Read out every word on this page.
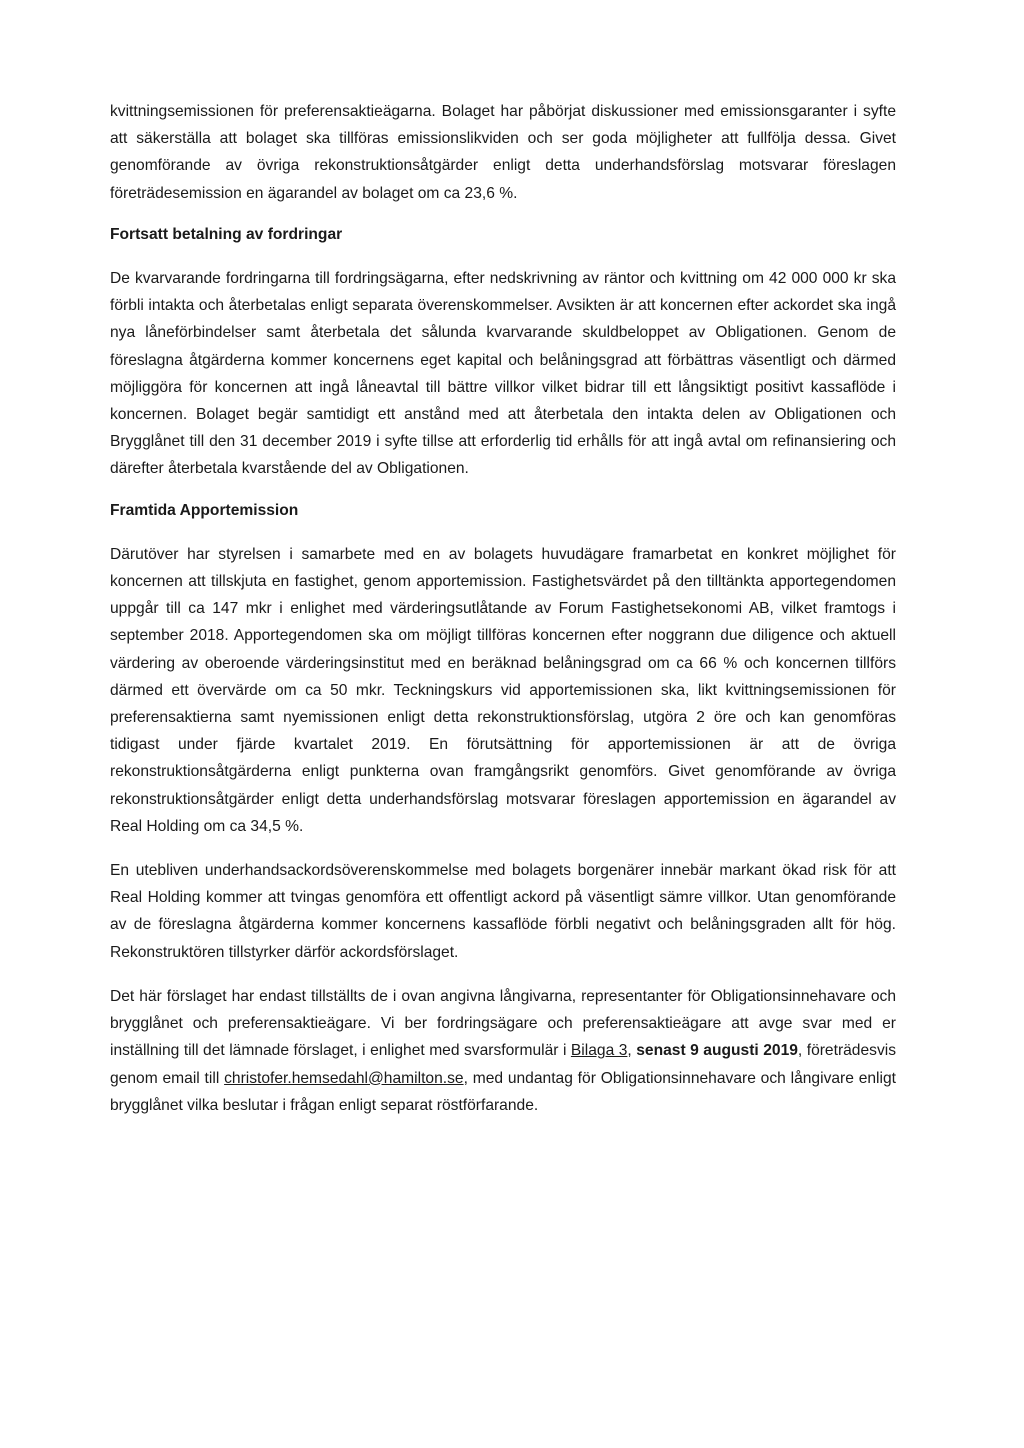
kvittningsemissionen för preferensaktieägarna. Bolaget har påbörjat diskussioner med emissionsgaranter i syfte att säkerställa att bolaget ska tillföras emissionslikviden och ser goda möjligheter att fullfölja dessa. Givet genomförande av övriga rekonstruktionsåtgärder enligt detta underhandsförslag motsvarar föreslagen företrädesemission en ägarandel av bolaget om ca 23,6 %.

Fortsatt betalning av fordringar

De kvarvarande fordringarna till fordringsägarna, efter nedskrivning av räntor och kvittning om 42 000 000 kr ska förbli intakta och återbetalas enligt separata överenskommelser. Avsikten är att koncernen efter ackordet ska ingå nya låneförbindelser samt återbetala det sålunda kvarvarande skuldbeloppet av Obligationen. Genom de föreslagna åtgärderna kommer koncernens eget kapital och belåningsgrad att förbättras väsentligt och därmed möjliggöra för koncernen att ingå låneavtal till bättre villkor vilket bidrar till ett långsiktigt positivt kassaflöde i koncernen. Bolaget begär samtidigt ett anstånd med att återbetala den intakta delen av Obligationen och Brygglånet till den 31 december 2019 i syfte tillse att erforderlig tid erhålls för att ingå avtal om refinansiering och därefter återbetala kvarstående del av Obligationen.

Framtida Apportemission

Därutöver har styrelsen i samarbete med en av bolagets huvudägare framarbetat en konkret möjlighet för koncernen att tillskjuta en fastighet, genom apportemission. Fastighetsvärdet på den tilltänkta apportegendomen uppgår till ca 147 mkr i enlighet med värderingsutlåtande av Forum Fastighetsekonomi AB, vilket framtogs i september 2018. Apportegendomen ska om möjligt tillföras koncernen efter noggrann due diligence och aktuell värdering av oberoende värderingsinstitut med en beräknad belåningsgrad om ca 66 % och koncernen tillförs därmed ett övervärde om ca 50 mkr. Teckningskurs vid apportemissionen ska, likt kvittningsemissionen för preferensaktierna samt nyemissionen enligt detta rekonstruktionsförslag, utgöra 2 öre och kan genomföras tidigast under fjärde kvartalet 2019. En förutsättning för apportemissionen är att de övriga rekonstruktionsåtgärderna enligt punkterna ovan framgångsrikt genomförs. Givet genomförande av övriga rekonstruktionsåtgärder enligt detta underhandsförslag motsvarar föreslagen apportemission en ägarandel av Real Holding om ca 34,5 %.

En utebliven underhandsackordsöverenskommelse med bolagets borgenärer innebär markant ökad risk för att Real Holding kommer att tvingas genomföra ett offentligt ackord på väsentligt sämre villkor. Utan genomförande av de föreslagna åtgärderna kommer koncernens kassaflöde förbli negativt och belåningsgraden allt för hög. Rekonstruktören tillstyrker därför ackordsförslaget.

Det här förslaget har endast tillställts de i ovan angivna långivarna, representanter för Obligationsinnehavare och brygglånet och preferensaktieägare. Vi ber fordringsägare och preferensaktieägare att avge svar med er inställning till det lämnade förslaget, i enlighet med svarsformulär i Bilaga 3, senast 9 augusti 2019, företrädesvis genom email till christofer.hemsedahl@hamilton.se, med undantag för Obligationsinnehavare och långivare enligt brygglånet vilka beslutar i frågan enligt separat röstförfarande.
